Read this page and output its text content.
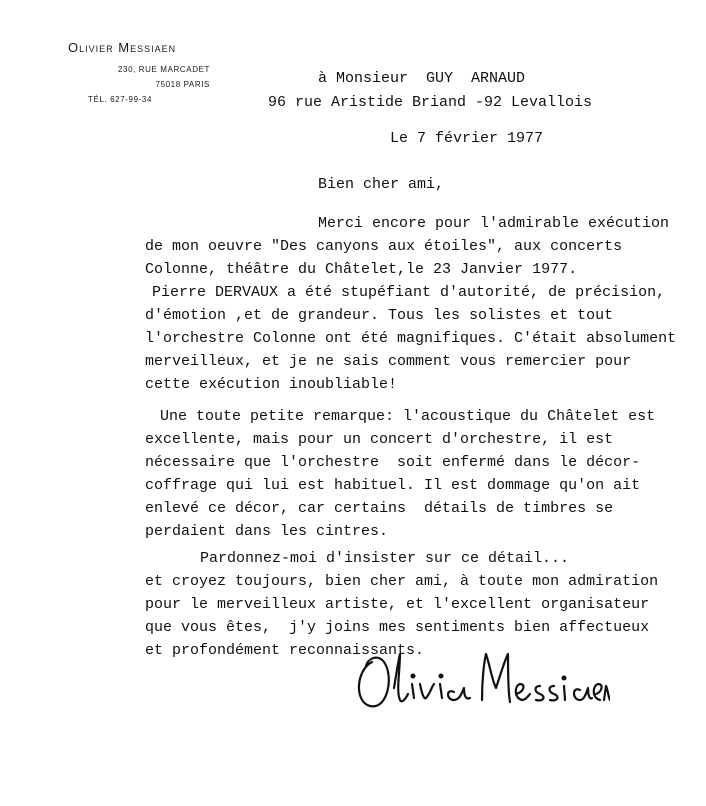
Olivier Messiaen
230, RUE MARCADET
75018 PARIS
TÉL. 627-99-34
à Monsieur  GUY  ARNAUD
96 rue Aristide Briand -92 Levallois
Le 7 février 1977
Bien cher ami,
Merci encore pour l'admirable exécution
de mon oeuvre "Des canyons aux étoiles", aux concerts
Colonne, théâtre du Châtelet,le 23 Janvier 1977.
Pierre DERVAUX a été stupéfiant d'autorité, de précision,
d'émotion ,et de grandeur. Tous les solistes et tout
l'orchestre Colonne ont été magnifiques. C'était absolument
merveilleux, et je ne sais comment vous remercier pour
cette exécution inoubliable!
Une toute petite remarque: l'acoustique du Châtelet est
excellente, mais pour un concert d'orchestre, il est
nécessaire que l'orchestre  soit enfermé dans le décor-
coffrage qui lui est habituel. Il est dommage qu'on ait
enlevé ce décor, car certains  détails de timbres se
perdaient dans les cintres.
Pardonnez-moi d'insister sur ce détail...
et croyez toujours, bien cher ami, à toute mon admiration
pour le merveilleux artiste, et l'excellent organisateur
que vous êtes,  j'y joins mes sentiments bien affectueux
et profondément reconnaissants.
